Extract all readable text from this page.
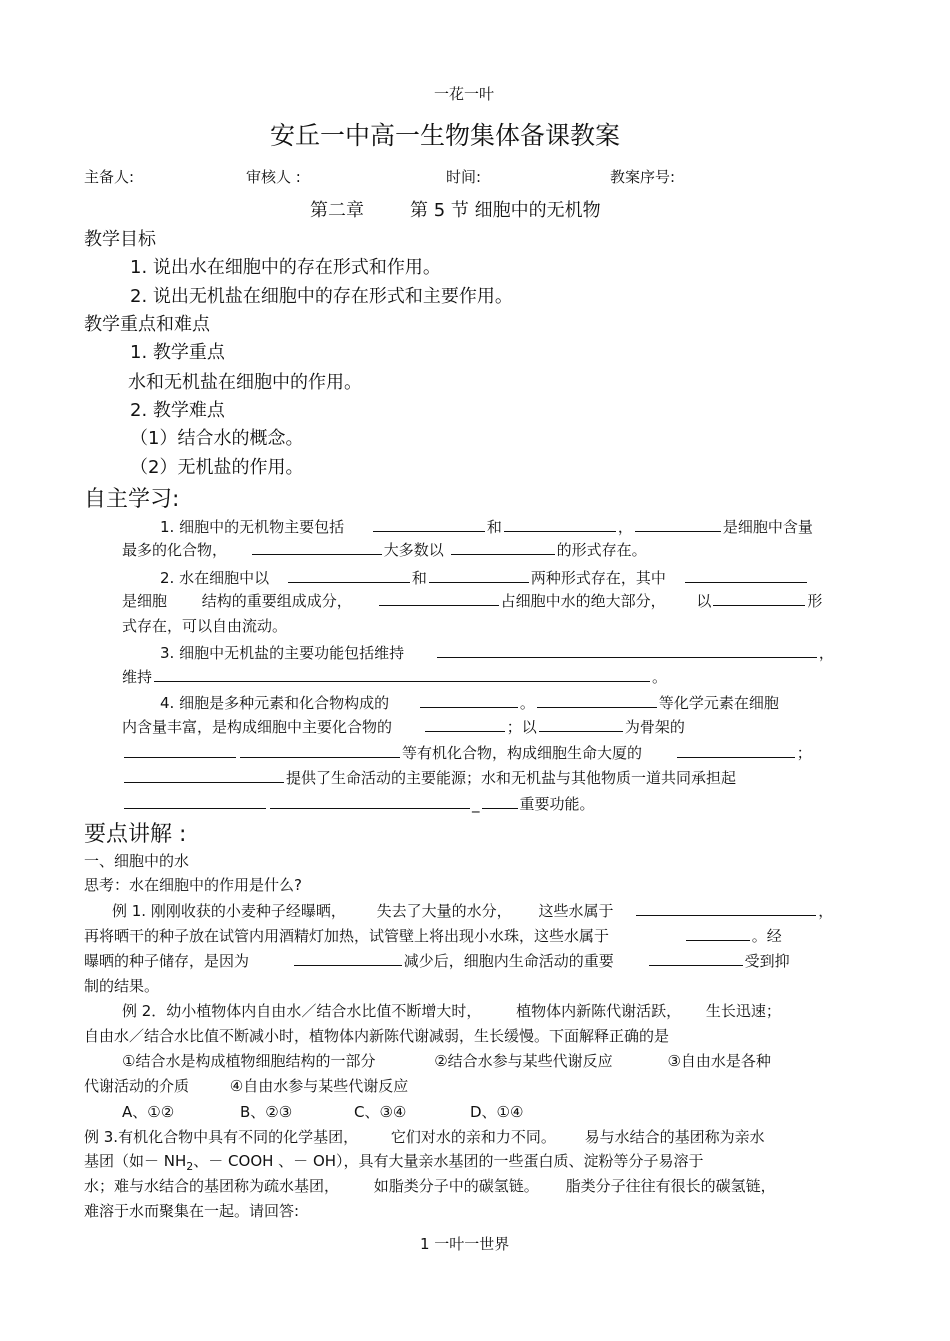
一花一叶
安丘一中高一生物集体备课教案
主备人:	审核人 :	时间:	教案序号:
第二章	第 5 节 细胞中的无机物
教学目标
1. 说出水在细胞中的存在形式和作用。
2. 说出无机盐在细胞中的存在形式和主要作用。
教学重点和难点
1. 教学重点
水和无机盐在细胞中的作用。
2. 教学难点
（1）结合水的概念。
（2）无机盐的作用。
自主学习:
1. 细胞中的无机物主要包括	和	，	是细胞中含量
最多的化合物，	大多数以	的形式存在。
2. 水在细胞中以	和	两种形式存在，其中
是细胞 结构的重要组成成分，	占细胞中水的绝大部分， 以	形
式存在，可以自由流动。
3. 细胞中无机盐的主要功能包括维持	，
维持	。
4. 细胞是多种元素和化合物构成的	。	等化学元素在细胞
内含量丰富，是构成细胞中主要化合物的	；以	为骨架的
等有机化合物，构成细胞生命大厦的	；
提供了生命活动的主要能源；水和无机盐与其他物质一道共同承担起
_	重要功能。
要点讲解 :
一、细胞中的水
思考：水在细胞中的作用是什么?
例 1. 刚刚收获的小麦种子经曝晒， 失去了大量的水分， 这些水属于	，
再将晒干的种子放在试管内用酒精灯加热，试管壁上将出现小水珠，这些水属于	。经
曝晒的种子储存，是因为	减少后，细胞内生命活动的重要	受到抑
制的结果。
例 2．幼小植物体内自由水／结合水比值不断增大时， 植物体内新陈代谢活跃， 生长迅速；
自由水／结合水比值不断减小时，植物体内新陈代谢减弱，生长缓慢。下面解释正确的是
①结合水是构成植物细胞结构的一部分	②结合水参与某些代谢反应	③自由水是各种
代谢活动的介质	④自由水参与某些代谢反应
A、①②	B、②③	C、③④	D、①④
例 3.有机化合物中具有不同的化学基团， 它们对水的亲和力不同。 易与水结合的基团称为亲水
基团（如－ $NH_2$、－ COOH 、－ OH），具有大量亲水基团的一些蛋白质、淀粉等分子易溶于
水；难与水结合的基团称为疏水基团， 如脂类分子中的碳氢链。 脂类分子往往有很长的碳氢链，
难溶于水而聚集在一起。请回答:
1 一叶一世界
